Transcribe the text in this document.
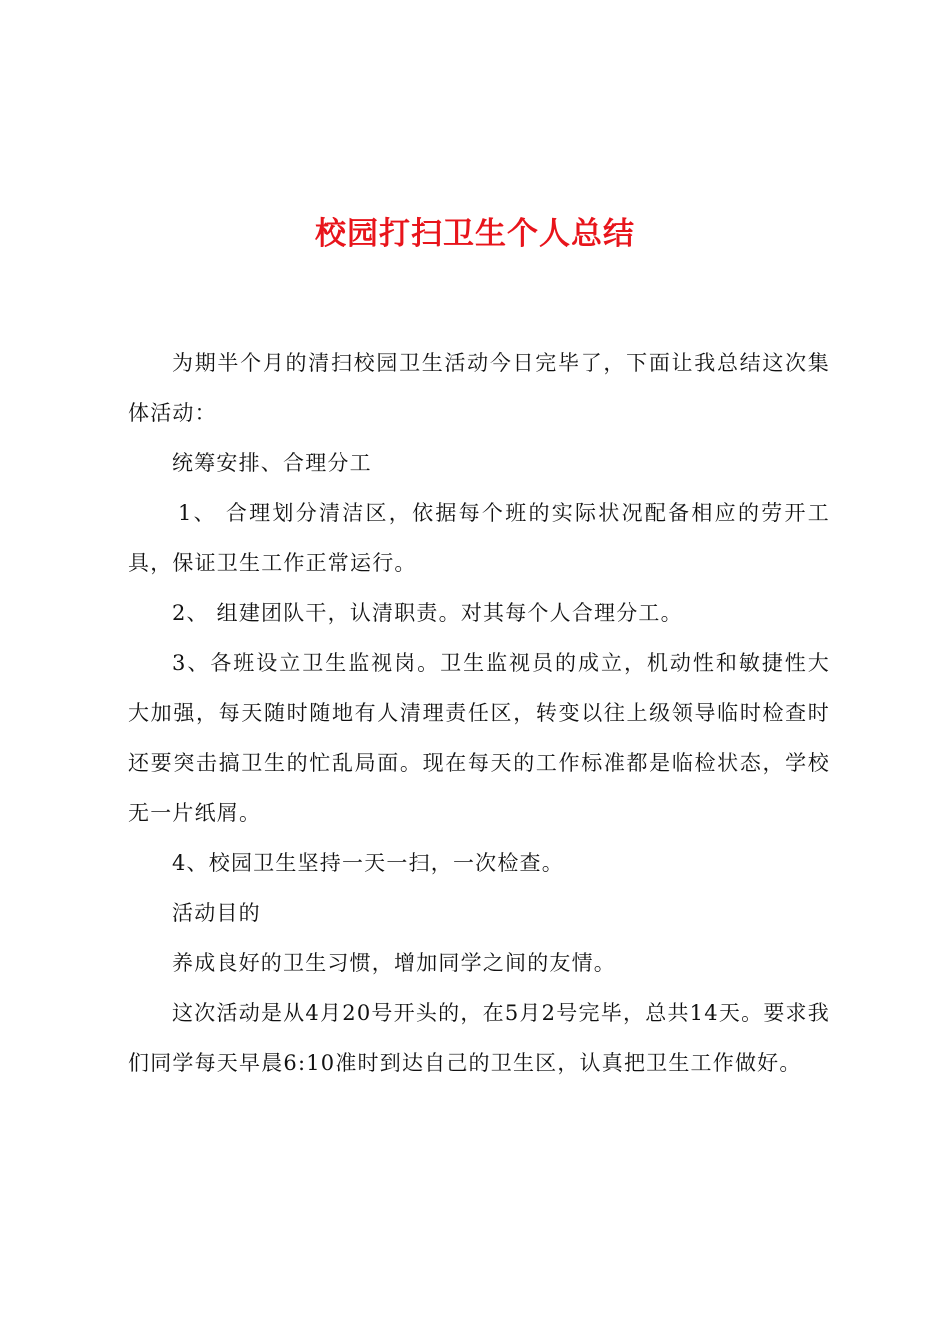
校园打扫卫生个人总结

为期半个月的清扫校园卫生活动今日完毕了，下面让我总结这次集体活动：

统筹安排、合理分工

1、 合理划分清洁区，依据每个班的实际状况配备相应的劳开工具，保证卫生工作正常运行。

2、 组建团队干，认清职责。对其每个人合理分工。

3、各班设立卫生监视岗。卫生监视员的成立，机动性和敏捷性大大加强，每天随时随地有人清理责任区，转变以往上级领导临时检查时还要突击搞卫生的忙乱局面。现在每天的工作标准都是临检状态，学校无一片纸屑。

4、校园卫生坚持一天一扫，一次检查。

活动目的

养成良好的卫生习惯，增加同学之间的友情。

这次活动是从4月20号开头的，在5月2号完毕，总共14天。要求我们同学每天早晨6:10准时到达自己的卫生区，认真把卫生工作做好。
